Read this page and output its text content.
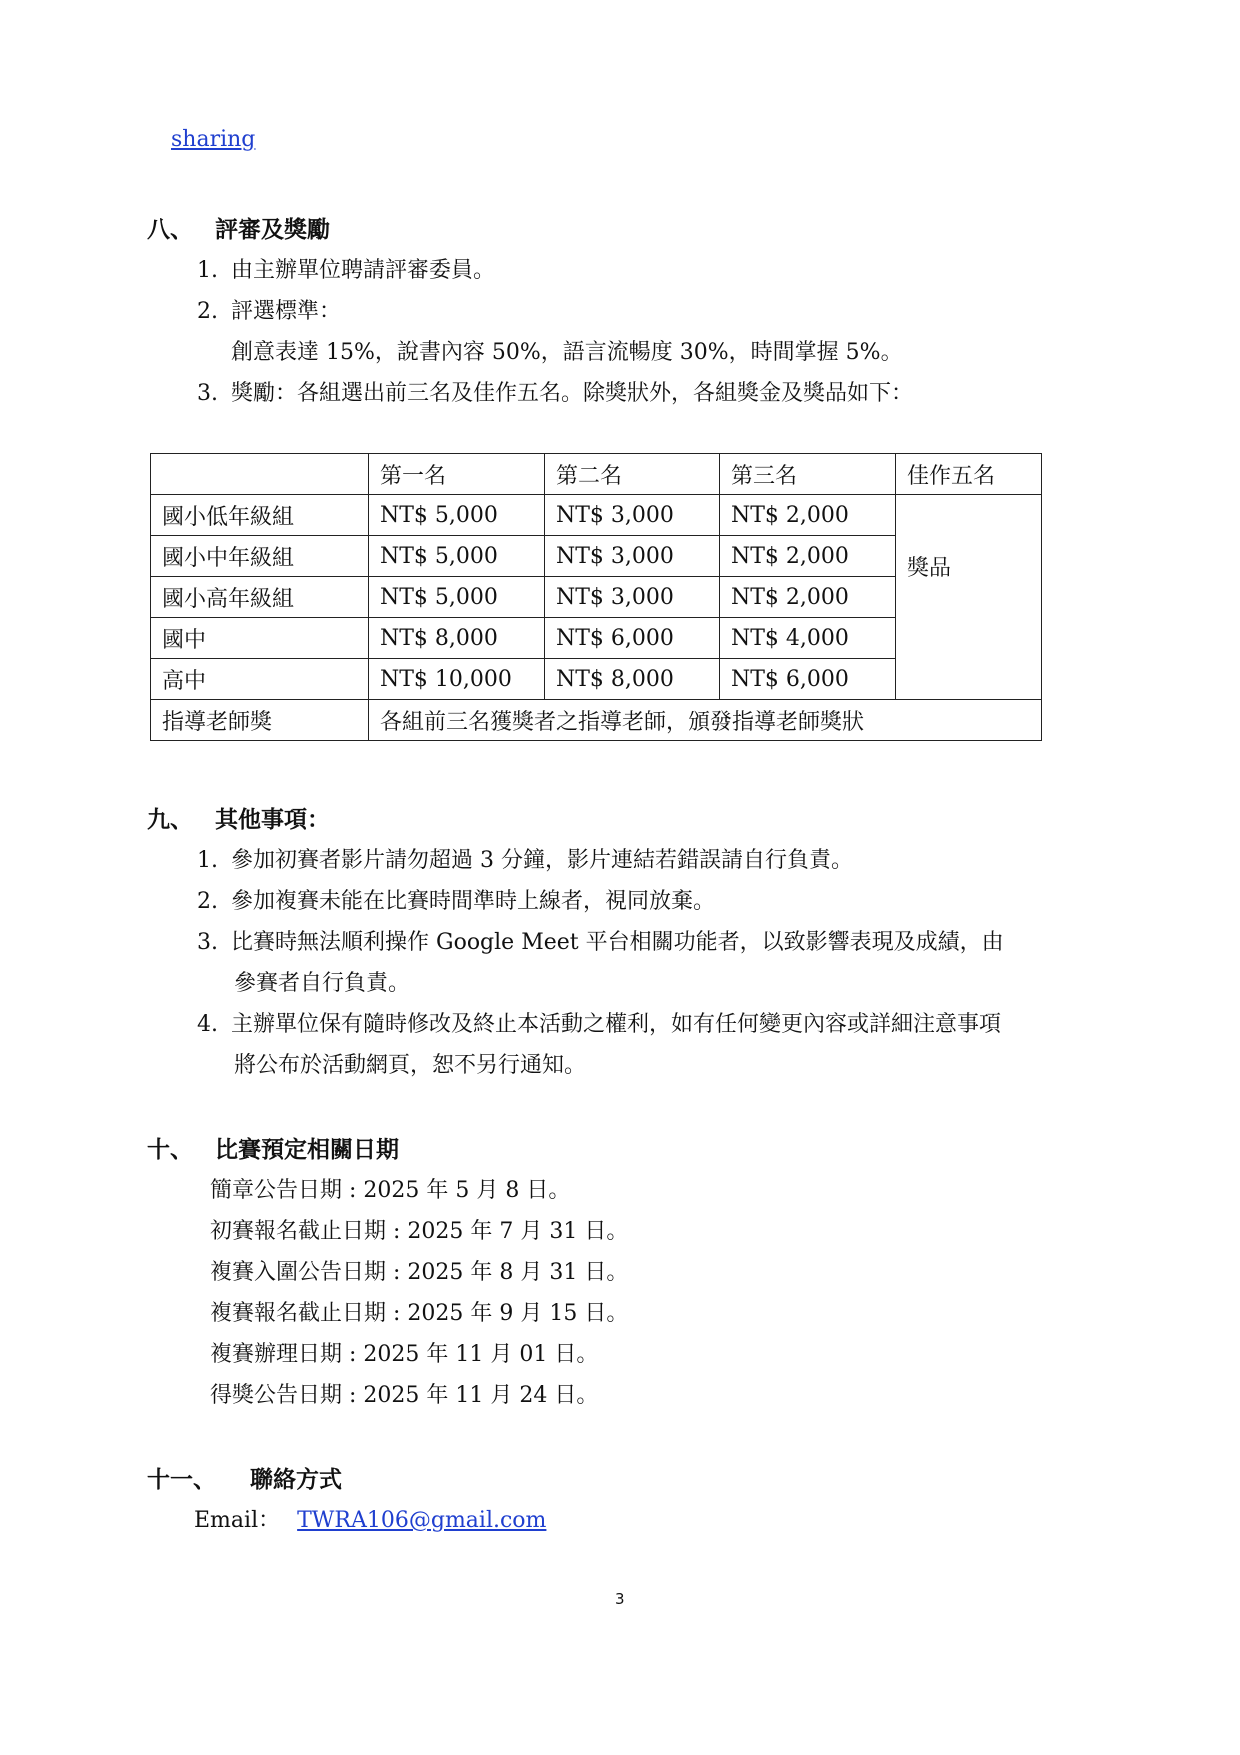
sharing
八、 評審及獎勵
1. 由主辦單位聘請評審委員。
2. 評選標準：
創意表達 15%，說書內容 50%，語言流暢度 30%，時間掌握 5%。
3. 獎勵：各組選出前三名及佳作五名。除獎狀外，各組獎金及獎品如下：
	第一名	第二名	第三名	佳作五名
國小低年級組	NT$ 5,000	NT$ 3,000	NT$ 2,000	獎品
國小中年級組	NT$ 5,000	NT$ 3,000	NT$ 2,000	
國小高年級組	NT$ 5,000	NT$ 3,000	NT$ 2,000	
國中	NT$ 8,000	NT$ 6,000	NT$ 4,000	
高中	NT$ 10,000	NT$ 8,000	NT$ 6,000	
指導老師獎	各組前三名獲獎者之指導老師，頒發指導老師獎狀			
九、 其他事項：
1. 參加初賽者影片請勿超過 3 分鐘，影片連結若錯誤請自行負責。
2. 參加複賽未能在比賽時間準時上線者，視同放棄。
3. 比賽時無法順利操作 Google Meet 平台相關功能者，以致影響表現及成績，由
參賽者自行負責。
4. 主辦單位保有隨時修改及終止本活動之權利，如有任何變更內容或詳細注意事項
將公布於活動網頁，恕不另行通知。
十、 比賽預定相關日期
簡章公告日期 : 2025 年 5 月 8 日。
初賽報名截止日期 : 2025 年 7 月 31 日。
複賽入圍公告日期 : 2025 年 8 月 31 日。
複賽報名截止日期 : 2025 年 9 月 15 日。
複賽辦理日期 : 2025 年 11 月 01 日。
得獎公告日期 : 2025 年 11 月 24 日。
十一、 聯絡方式
Email： TWRA106@gmail.com
3
